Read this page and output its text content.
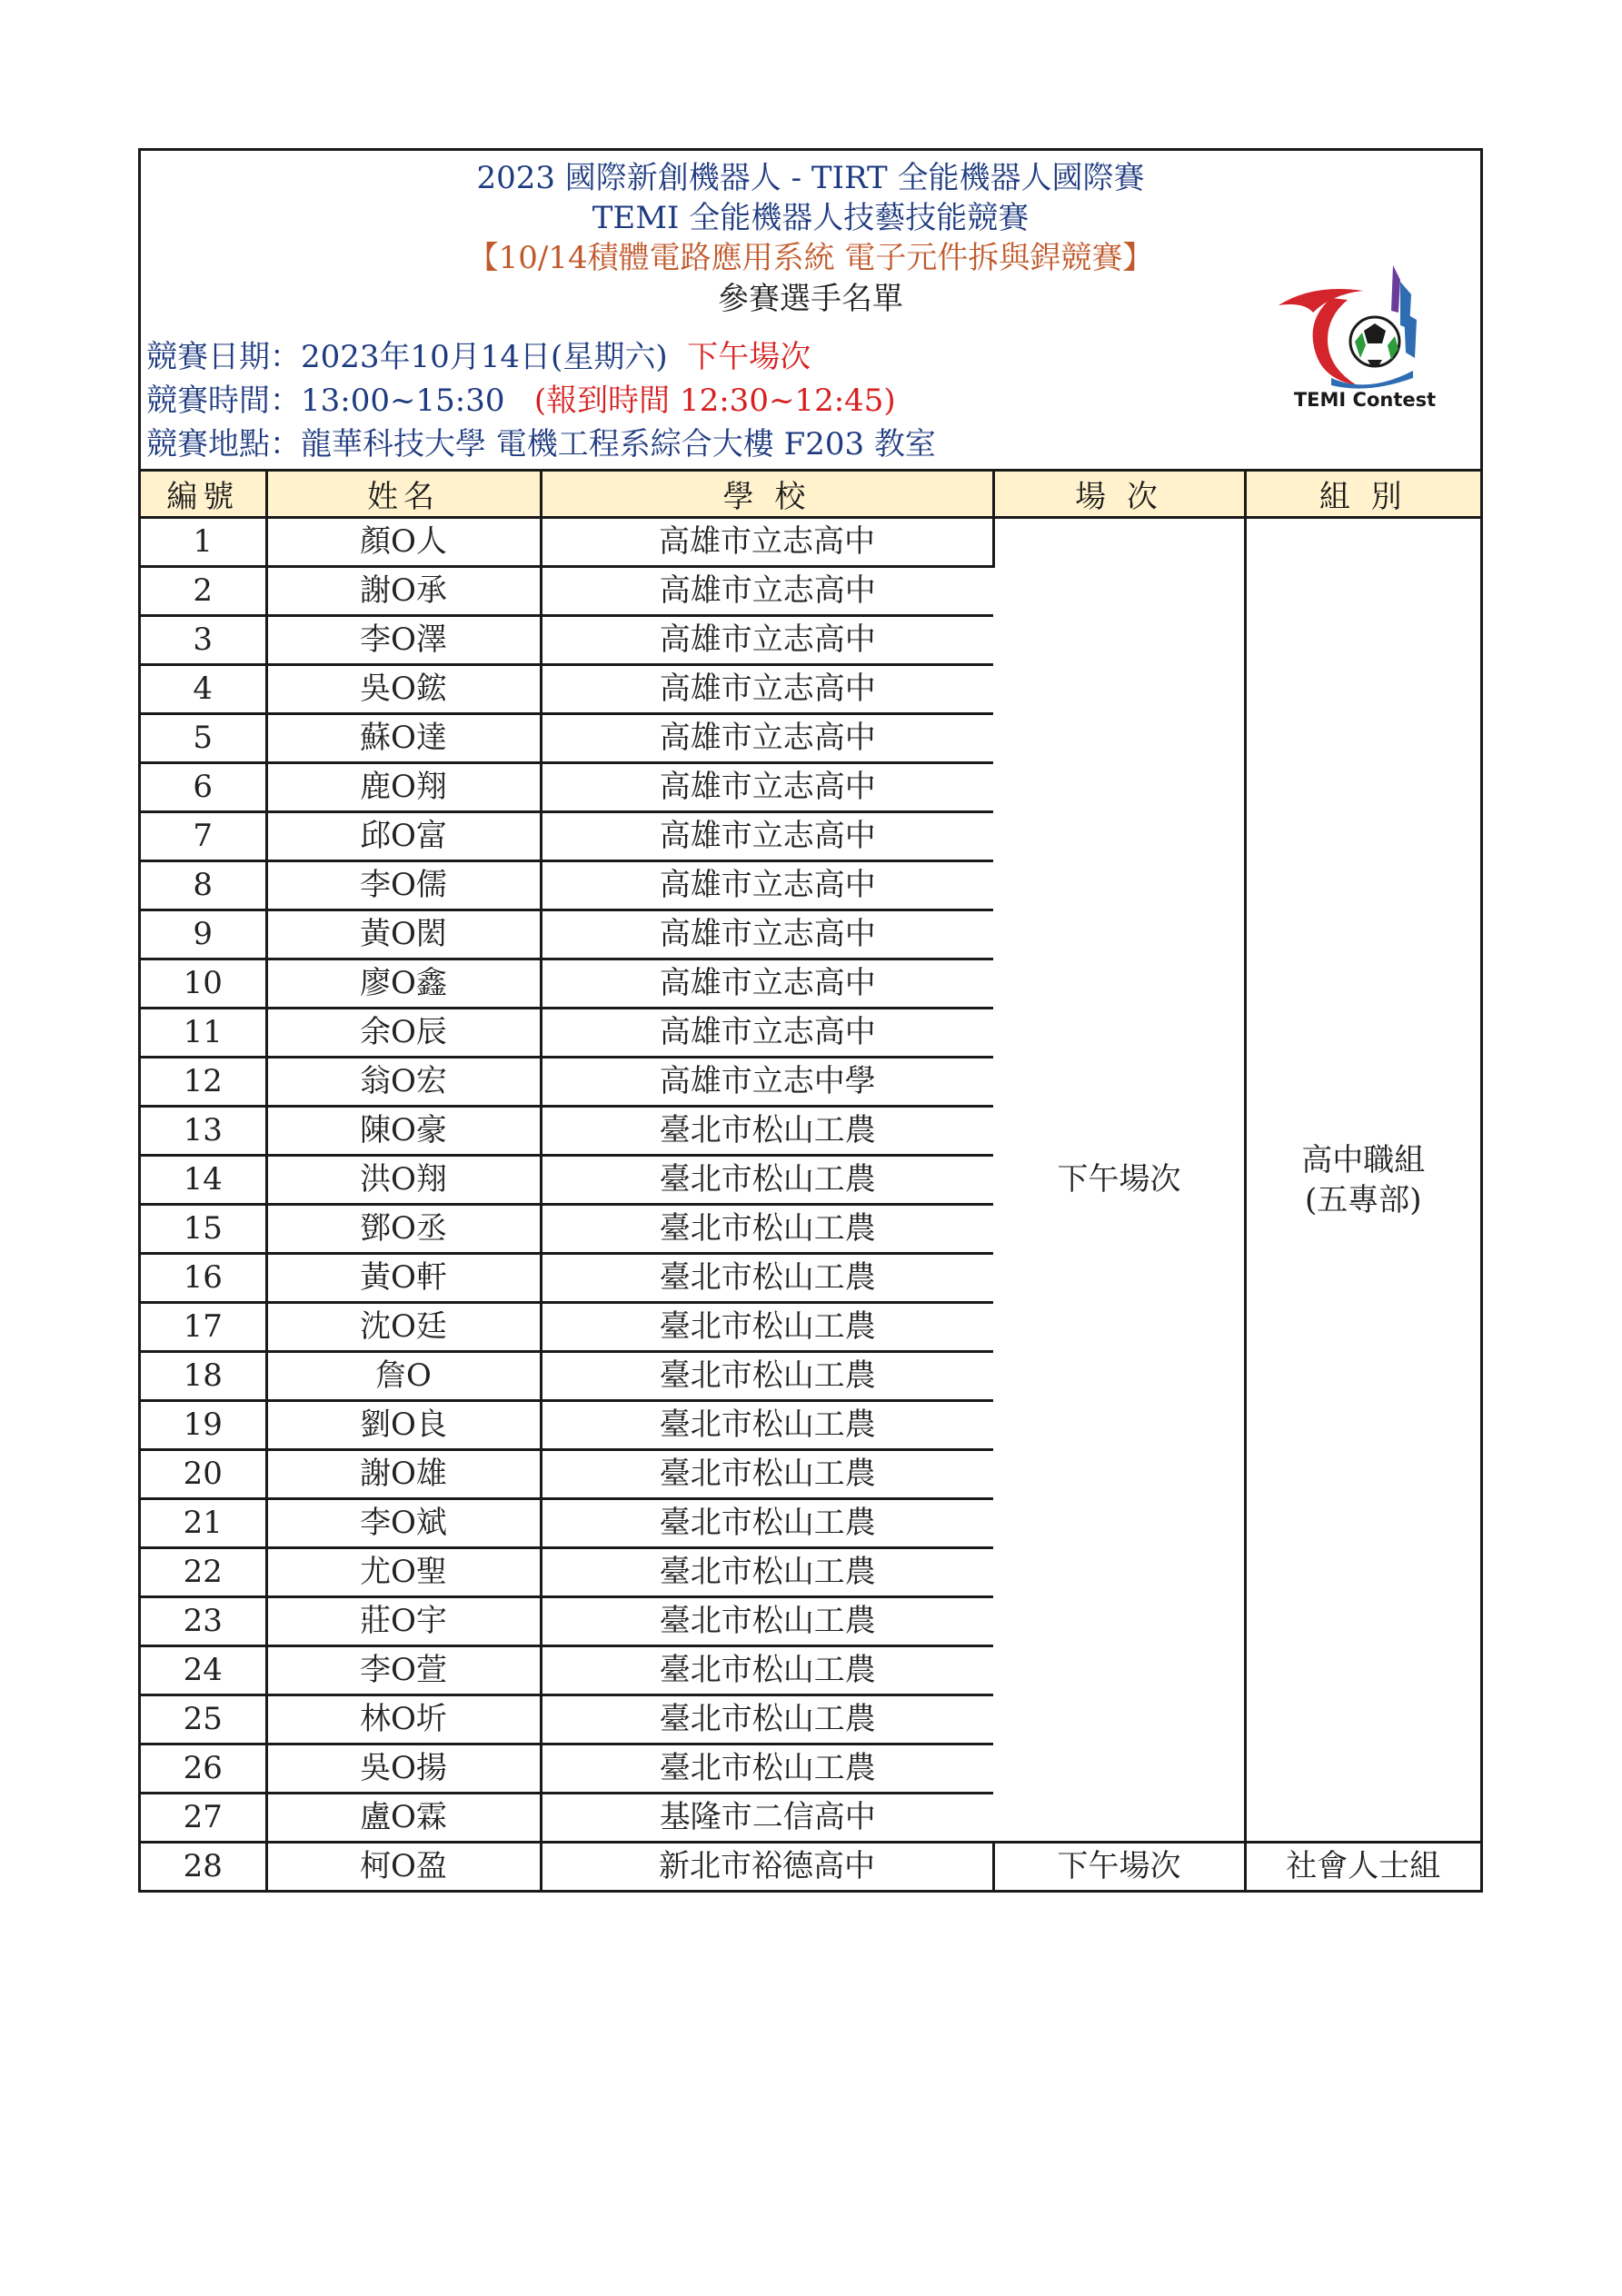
2023 國際新創機器人 - TIRT 全能機器人國際賽
TEMI 全能機器人技藝技能競賽
【10/14積體電路應用系統 電子元件拆與銲競賽】
參賽選手名單
競賽日期：2023年10月14日(星期六) 下午場次
競賽時間：13:00~15:30 (報到時間 12:30~12:45)
競賽地點：龍華科技大學 電機工程系綜合大樓 F203 教室
TEMI Contest
編號	姓名	學 校	場 次	組 別
1	顏O人	高雄市立志高中	下午場次	高中職組
(五專部)

2	謝O承	高雄市立志高中		
3	李O澤	高雄市立志高中		
4	吳O鋐	高雄市立志高中		
5	蘇O達	高雄市立志高中		
6	鹿O翔	高雄市立志高中		
7	邱O富	高雄市立志高中		
8	李O儒	高雄市立志高中		
9	黃O閎	高雄市立志高中		
10	廖O鑫	高雄市立志高中		
11	余O辰	高雄市立志高中		
12	翁O宏	高雄市立志中學		
13	陳O豪	臺北市松山工農		
14	洪O翔	臺北市松山工農		
15	鄧O丞	臺北市松山工農		
16	黃O軒	臺北市松山工農		
17	沈O廷	臺北市松山工農		
18	詹O	臺北市松山工農		
19	劉O良	臺北市松山工農		
20	謝O雄	臺北市松山工農		
21	李O斌	臺北市松山工農		
22	尤O聖	臺北市松山工農		
23	莊O宇	臺北市松山工農		
24	李O萱	臺北市松山工農		
25	林O圻	臺北市松山工農		
26	吳O揚	臺北市松山工農		
27	盧O霖	基隆市二信高中		
28	柯O盈	新北市裕德高中	下午場次	社會人士組
